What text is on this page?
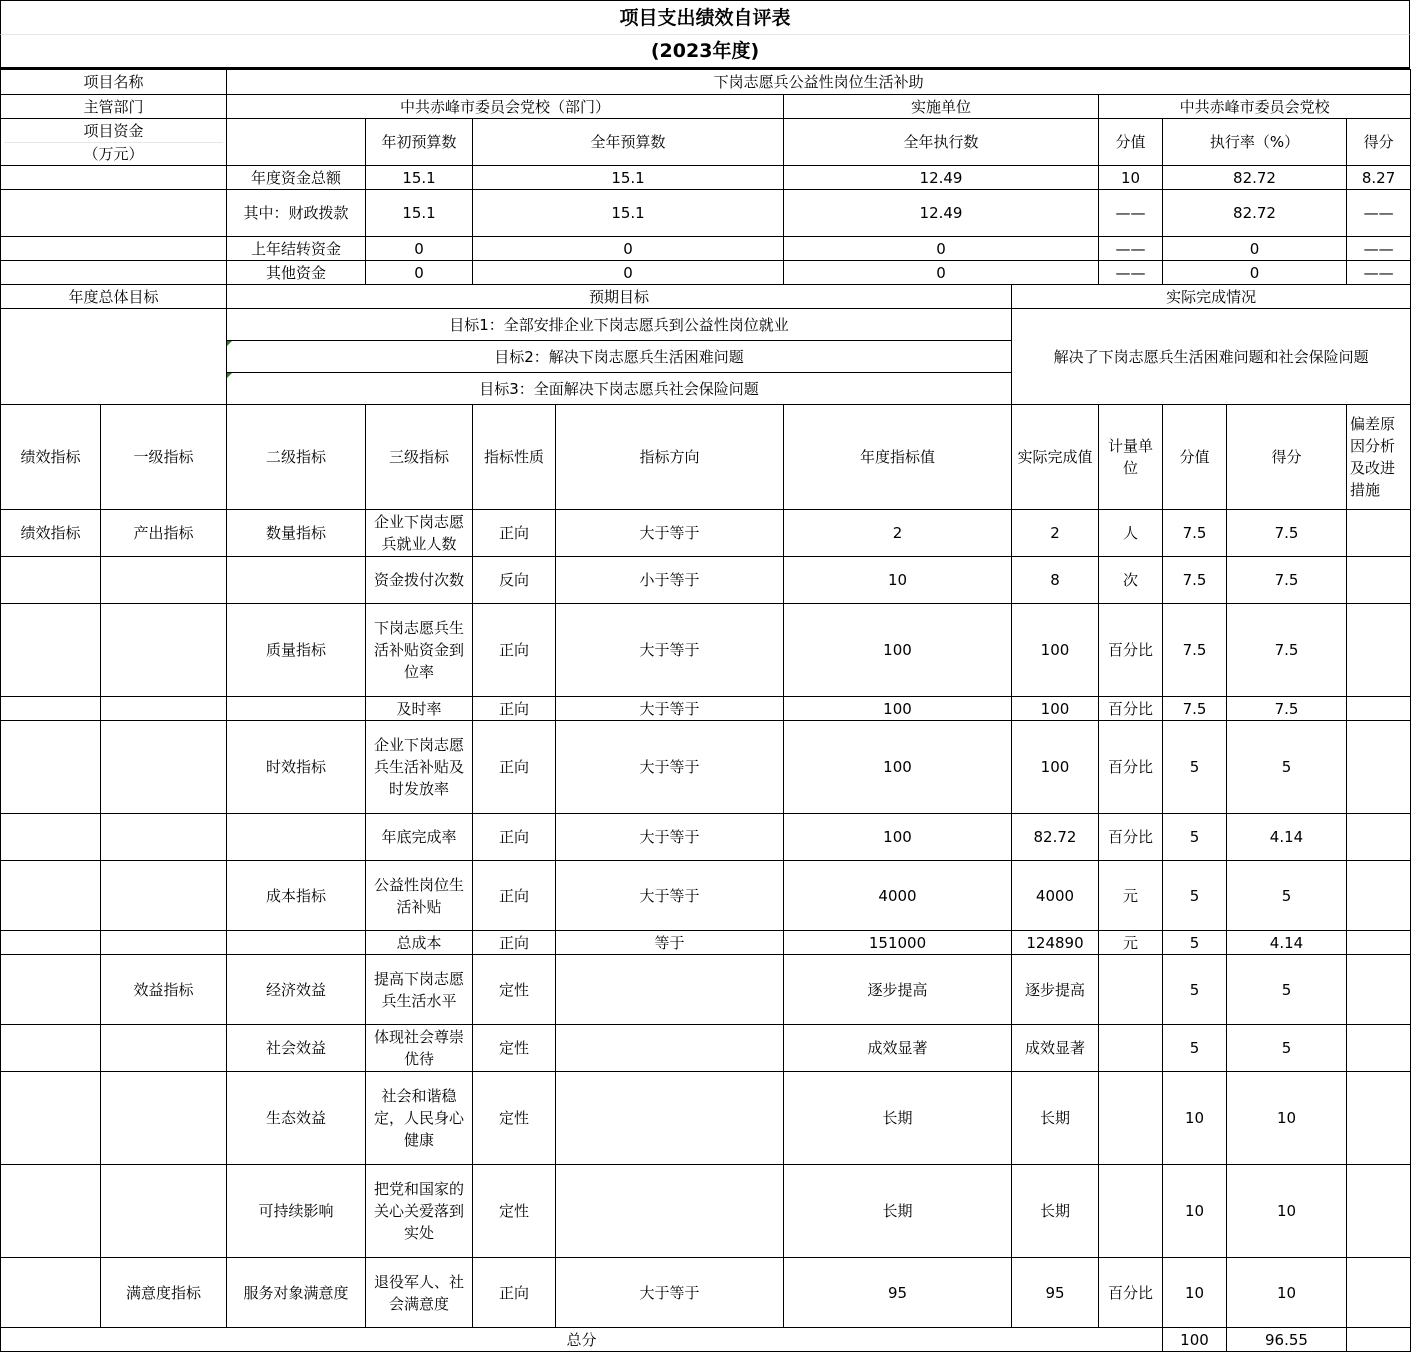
项目支出绩效自评表
(2023年度)
项目名称	下岗志愿兵公益性岗位生活补助							
主管部门	中共赤峰市委员会党校（部门）			实施单位		中共赤峰市委员会党校		

项目资金
（万元）		年初预算数	全年预算数	全年执行数		分值	执行率（%）	得分
	年度资金总额	15.1	15.1	12.49		10	82.72	8.27
	其中：财政拨款	15.1	15.1	12.49		——	82.72	——
	上年结转资金	0	0	0		——	0	——
	其他资金	0	0	0		——	0	——
年度总体目标	预期目标				实际完成情况			
	目标1：全部安排企业下岗志愿兵到公益性岗位就业				解决了下岗志愿兵生活困难问题和社会保险问题			
	目标2：解决下岗志愿兵生活困难问题							
	目标3：全面解决下岗志愿兵社会保险问题							
绩效指标	一级指标	二级指标	三级指标	指标性质	指标方向	年度指标值	实际完成值	计量单位	分值	得分	偏差原因分析及改进措施
绩效指标	产出指标	数量指标	企业下岗志愿兵就业人数	正向	大于等于	2	2	人	7.5	7.5	
			资金拨付次数	反向	小于等于	10	8	次	7.5	7.5	
		质量指标	下岗志愿兵生活补贴资金到位率	正向	大于等于	100	100	百分比	7.5	7.5	
			及时率	正向	大于等于	100	100	百分比	7.5	7.5	
		时效指标	企业下岗志愿兵生活补贴及时发放率	正向	大于等于	100	100	百分比	5	5	
			年底完成率	正向	大于等于	100	82.72	百分比	5	4.14	
		成本指标	公益性岗位生活补贴	正向	大于等于	4000	4000	元	5	5	
			总成本	正向	等于	151000	124890	元	5	4.14	
	效益指标	经济效益	提高下岗志愿兵生活水平	定性		逐步提高	逐步提高		5	5	
		社会效益	体现社会尊崇优待	定性		成效显著	成效显著		5	5	
		生态效益	社会和谐稳定，人民身心健康	定性		长期	长期		10	10	
		可持续影响	把党和国家的关心关爱落到实处	定性		长期	长期		10	10	
	满意度指标	服务对象满意度	退役军人、社会满意度	正向	大于等于	95	95	百分比	10	10	
总分									100	96.55	
